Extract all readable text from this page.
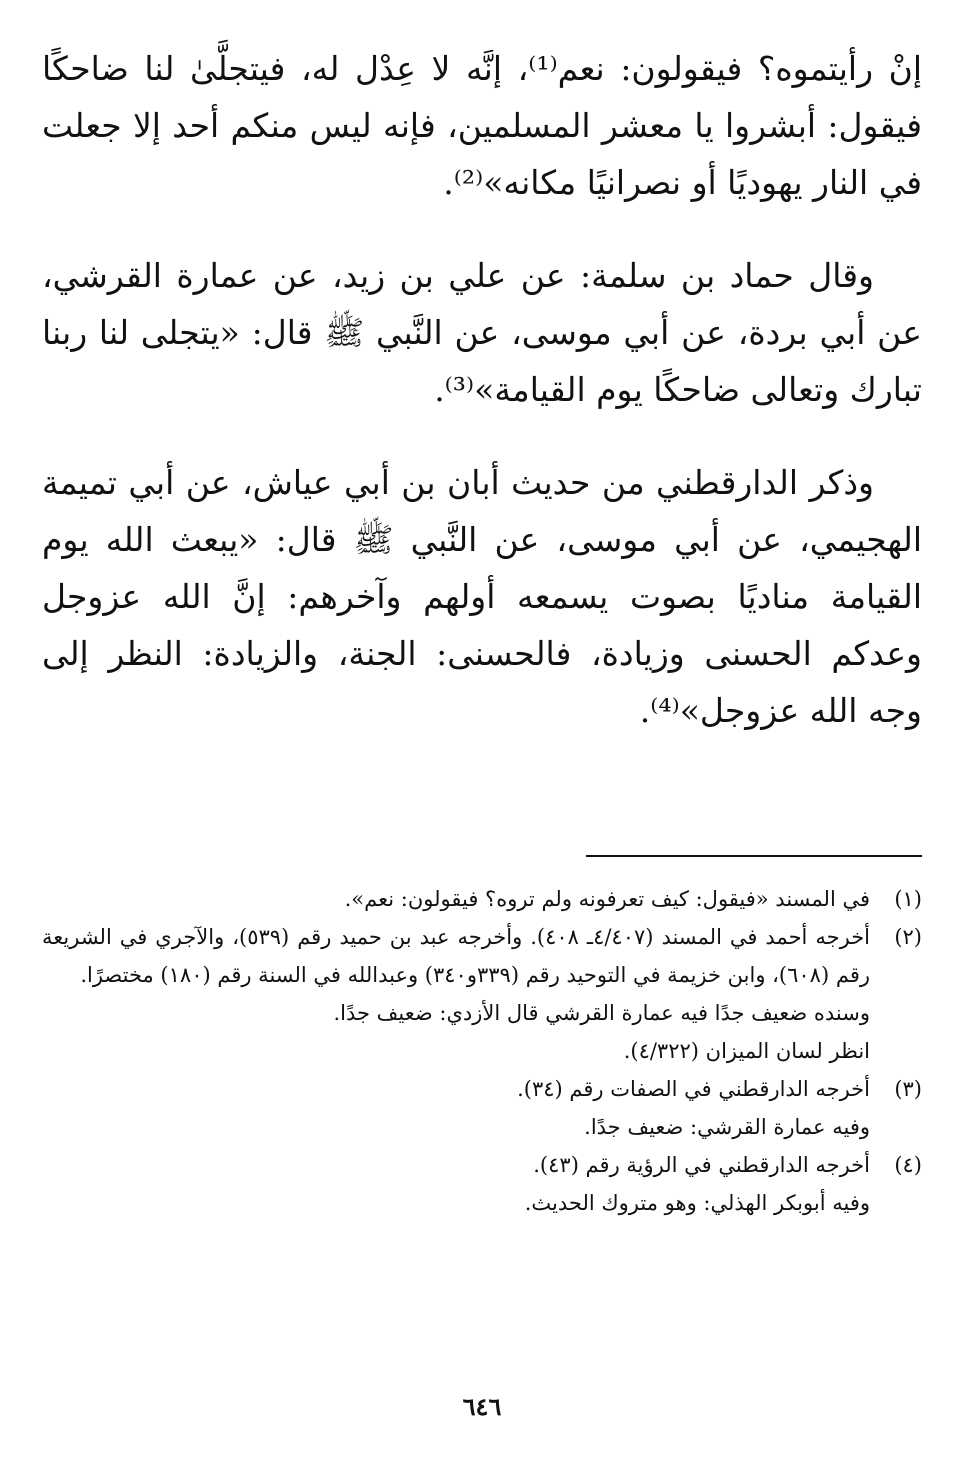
إنْ رأيتموه؟ فيقولون: نعم⁽¹⁾، إنَّه لا عِدْل له، فيتجلَّىٰ لنا ضاحكًا فيقول: أبشروا يا معشر المسلمين، فإنه ليس منكم أحد إلا جعلت في النار يهوديًا أو نصرانيًا مكانه»⁽²⁾.

وقال حماد بن سلمة: عن علي بن زيد، عن عمارة القرشي، عن أبي بردة، عن أبي موسى، عن النَّبي ﷺ قال: «يتجلى لنا ربنا تبارك وتعالى ضاحكًا يوم القيامة»⁽³⁾.

وذكر الدارقطني من حديث أبان بن أبي عياش، عن أبي تميمة الهجيمي، عن أبي موسى، عن النَّبي ﷺ قال: «يبعث الله يوم القيامة مناديًا بصوت يسمعه أولهم وآخرهم: إنَّ الله عزوجل وعدكم الحسنى وزيادة، فالحسنى: الجنة، والزيادة: النظر إلى وجه الله عزوجل»⁽⁴⁾.

(١)

في المسند «فيقول: كيف تعرفونه ولم تروه؟ فيقولون: نعم».

(٢)

أخرجه أحمد في المسند (٤/٤٠٧ـ ٤٠٨). وأخرجه عبد بن حميد رقم (٥٣٩)، والآجري في الشريعة رقم (٦٠٨)، وابن خزيمة في التوحيد رقم (٣٣٩و٣٤٠) وعبدالله في السنة رقم (١٨٠) مختصرًا.

وسنده ضعيف جدًا فيه عمارة القرشي قال الأزدي: ضعيف جدًا.

انظر لسان الميزان (٤/٣٢٢).

(٣)

أخرجه الدارقطني في الصفات رقم (٣٤).

وفيه عمارة القرشي: ضعيف جدًا.

(٤)

أخرجه الدارقطني في الرؤية رقم (٤٣).

وفيه أبوبكر الهذلي: وهو متروك الحديث.

٦٤٦
